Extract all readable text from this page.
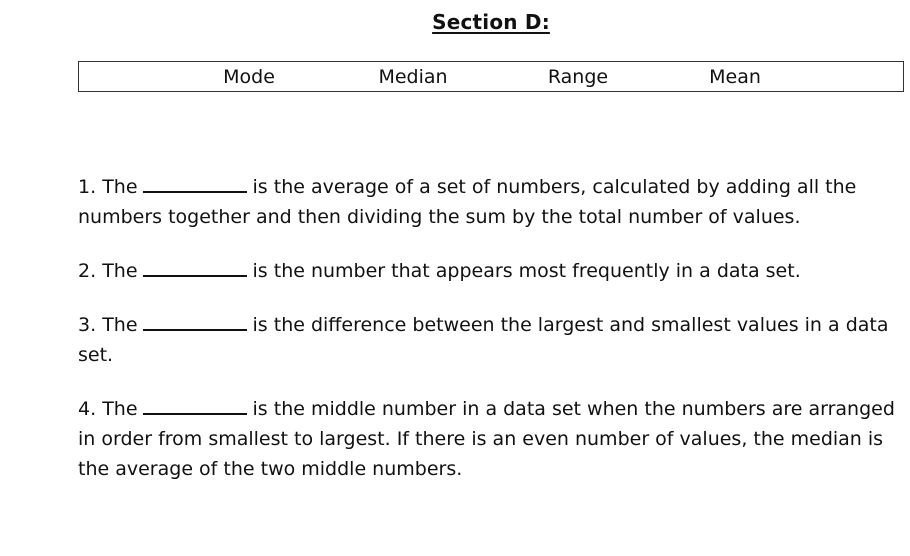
Section D:
Mode	Median	Range	Mean
1. The	is the average of a set of numbers, calculated by adding all the numbers together and then dividing the sum by the total number of values.
2. The	is the number that appears most frequently in a data set.
3. The	is the difference between the largest and smallest values in a data set.
4. The	is the middle number in a data set when the numbers are arranged in order from smallest to largest. If there is an even number of values, the median is the average of the two middle numbers.
